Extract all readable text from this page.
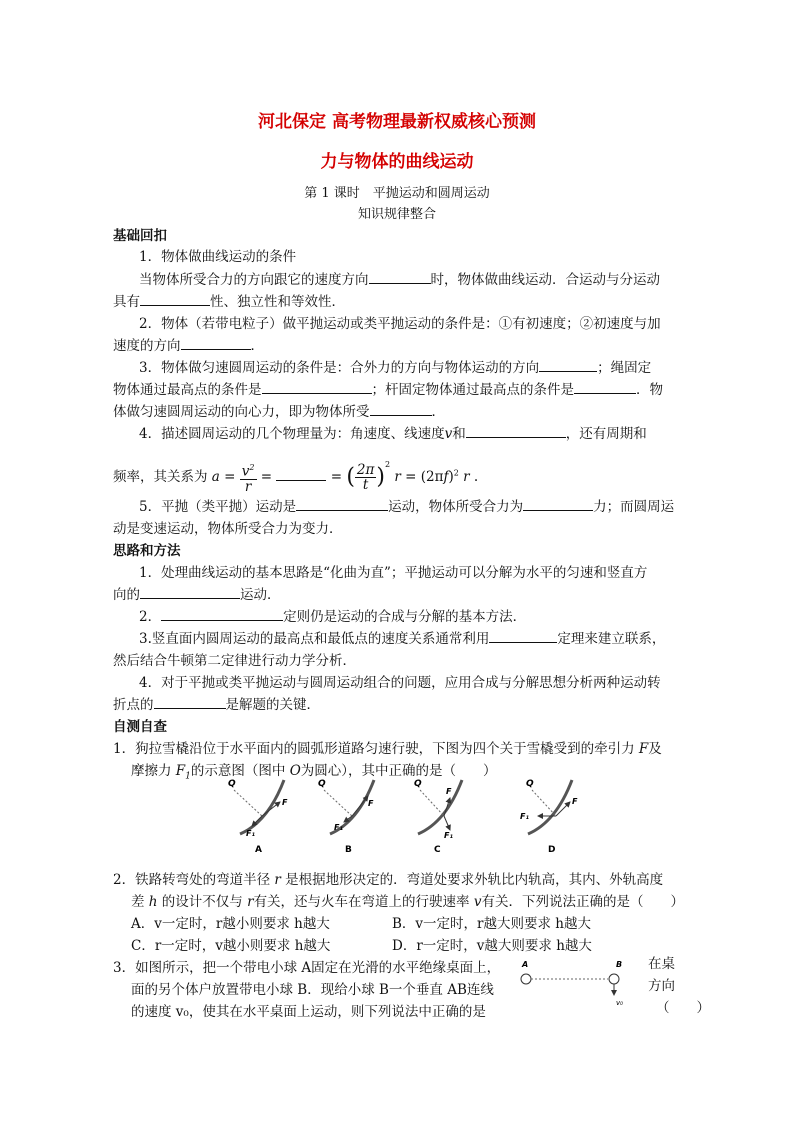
河北保定 高考物理最新权威核心预测
力与物体的曲线运动
第 1 课时　平抛运动和圆周运动
知识规律整合
基础回扣
1．物体做曲线运动的条件
当物体所受合力的方向跟它的速度方向	时，物体做曲线运动．合运动与分运动
具有	性、独立性和等效性．
2．物体（若带电粒子）做平抛运动或类平抛运动的条件是：①有初速度；②初速度与加
速度的方向	．
3．物体做匀速圆周运动的条件是：合外力的方向与物体运动的方向	；绳固定
物体通过最高点的条件是	；杆固定物体通过最高点的条件是	．物
体做匀速圆周运动的向心力，即为物体所受	．
4．描述圆周运动的几个物理量为：角速度、线速度v和	，还有周期和
频率，其关系为 $a = \frac{v^2}{r}$ =	= ( $\frac{2\pi}{t} )^2$ $r = (2\pi f)^2$ r .
5．平抛（类平抛）运动是	运动，物体所受合力为	力；而圆周运
动是变速运动，物体所受合力为变力．
思路和方法
1．处理曲线运动的基本思路是“化曲为直”；平抛运动可以分解为水平的匀速和竖直方
向的	运动．
2．	定则仍是运动的合成与分解的基本方法．
3.竖直面内圆周运动的最高点和最低点的速度关系通常利用	定理来建立联系，
然后结合牛顿第二定律进行动力学分析．
4．对于平抛或类平抛运动与圆周运动组合的问题，应用合成与分解思想分析两种运动转
折点的	是解题的关键．
自测自查
1．狗拉雪橇沿位于水平面内的圆弧形道路匀速行驶，下图为四个关于雪橇受到的牵引力 F及
摩擦力 $F_1$的示意图（图中 O为圆心），其中正确的是（　　）
Q
F
F₁
A
Q
F
F₁
B
Q
F
F₁
C
Q
F
F₁
D
2．铁路转弯处的弯道半径 r 是根据地形决定的．弯道处要求外轨比内轨高，其内、外轨高度
差 h 的设计不仅与 r有关，还与火车在弯道上的行驶速率 v有关．下列说法正确的是（　　）
A．v一定时，r越小则要求 h越大	B．v一定时，r越大则要求 h越大
C．r一定时，v越小则要求 h越大	D．r一定时，v越大则要求 h越大
3．如图所示，把一个带电小球 A固定在光滑的水平绝缘桌面上，	在桌
面的另个体户放置带电小球 B．现给小球 B一个垂直 AB连线	方向
的速度 v₀，使其在水平桌面上运动，则下列说法中正确的是	（　　）
A	B
v₀
